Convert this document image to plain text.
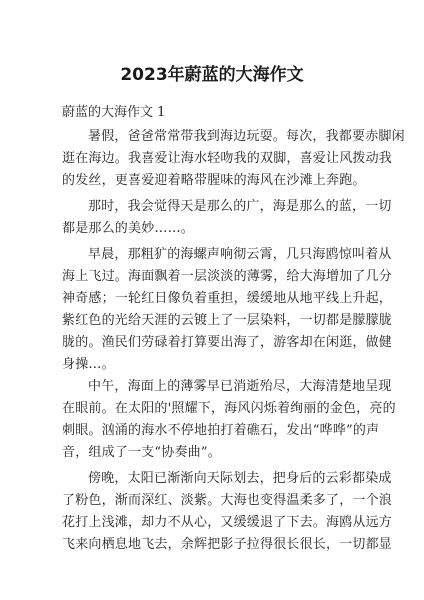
2023年蔚蓝的大海作文
蔚蓝的大海作文 1
暑假，爸爸常常带我到海边玩耍。每次，我都要赤脚闲
逛在海边。我喜爱让海水轻吻我的双脚，喜爱让风拨动我
的发丝，更喜爱迎着略带腥味的海风在沙滩上奔跑。
那时，我会觉得天是那么的广，海是那么的蓝，一切
都是那么的美妙……。
早晨，那粗犷的海螺声响彻云霄，几只海鸥惊叫着从
海上飞过。海面飘着一层淡淡的薄雾，给大海增加了几分
神奇感；一轮红日像负着重担，缓缓地从地平线上升起，
紫红色的光给天涯的云镀上了一层染料，一切都是朦朦胧
胧的。渔民们劳碌着打算要出海了，游客却在闲逛，做健
身操…。
中午，海面上的薄雾早已消逝殆尽，大海清楚地呈现
在眼前。在太阳的'照耀下，海风闪烁着绚丽的金色，亮的
刺眼。汹涌的海水不停地拍打着礁石，发出“哗哗”的声
音，组成了一支“协奏曲”。
傍晚，太阳已渐渐向天际划去，把身后的云彩都染成
了粉色，渐而深红、淡紫。大海也变得温柔多了，一个浪
花打上浅滩，却力不从心，又缓缓退了下去。海鸥从远方
飞来向栖息地飞去，余辉把影子拉得很长很长，一切都显
